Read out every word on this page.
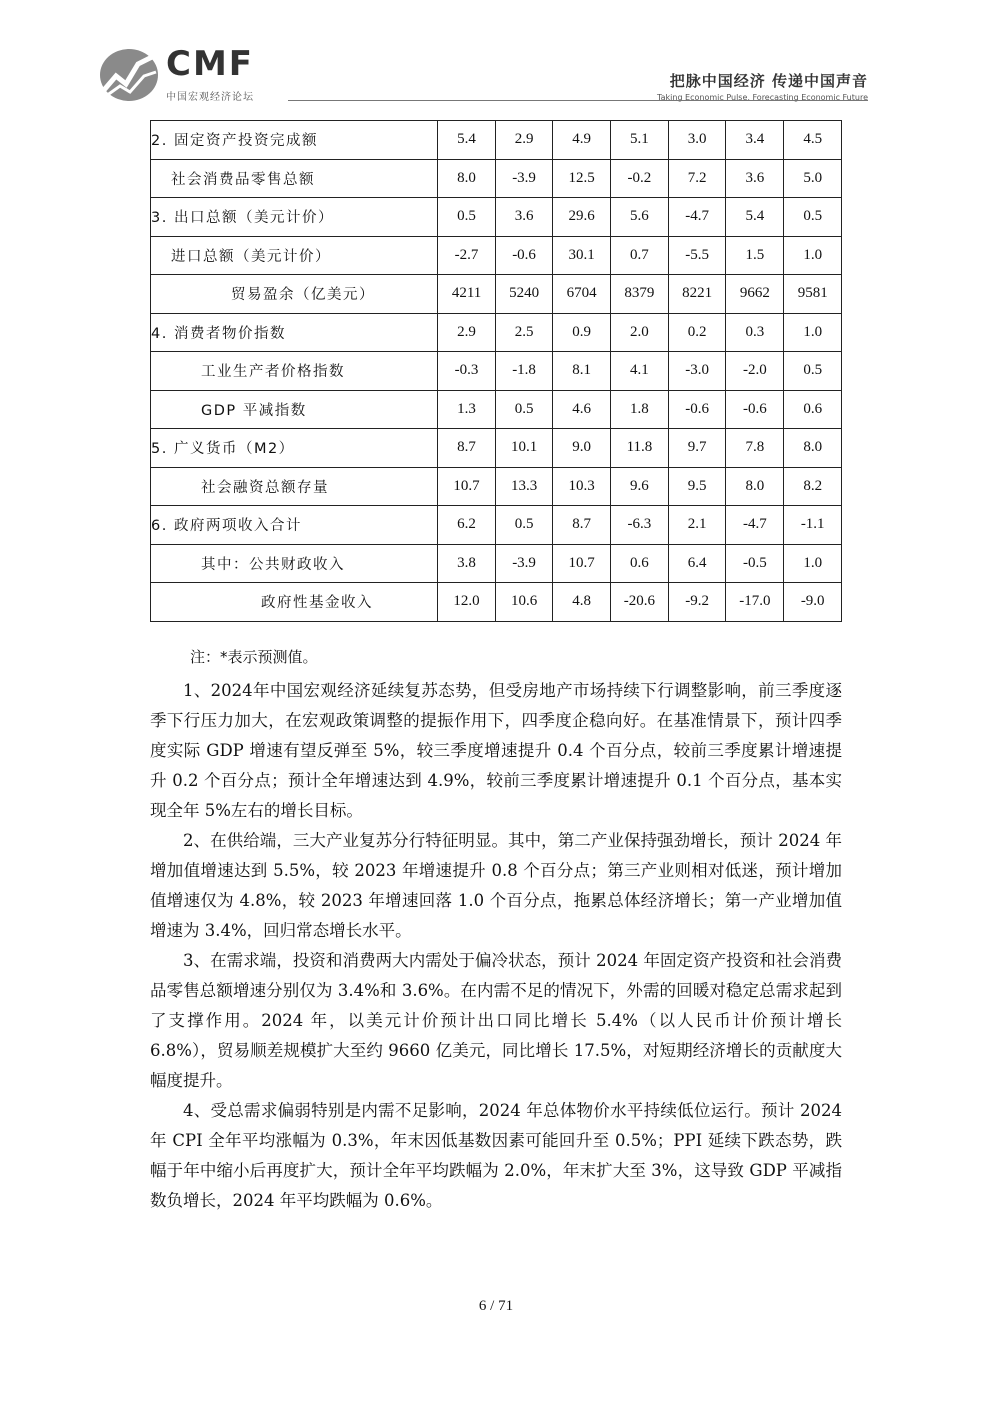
CMF
中国宏观经济论坛
把脉中国经济 传递中国声音
Taking Economic Pulse, Forecasting Economic Future
2. 固定资产投资完成额	5.4	2.9	4.9	5.1	3.0	3.4	4.5
社会消费品零售总额	8.0	-3.9	12.5	-0.2	7.2	3.6	5.0
3. 出口总额（美元计价）	0.5	3.6	29.6	5.6	-4.7	5.4	0.5
进口总额（美元计价）	-2.7	-0.6	30.1	0.7	-5.5	1.5	1.0
贸易盈余（亿美元）	4211	5240	6704	8379	8221	9662	9581
4. 消费者物价指数	2.9	2.5	0.9	2.0	0.2	0.3	1.0
工业生产者价格指数	-0.3	-1.8	8.1	4.1	-3.0	-2.0	0.5
GDP 平减指数	1.3	0.5	4.6	1.8	-0.6	-0.6	0.6
5. 广义货币（M2）	8.7	10.1	9.0	11.8	9.7	7.8	8.0
社会融资总额存量	10.7	13.3	10.3	9.6	9.5	8.0	8.2
6. 政府两项收入合计	6.2	0.5	8.7	-6.3	2.1	-4.7	-1.1
其中：公共财政收入	3.8	-3.9	10.7	0.6	6.4	-0.5	1.0
政府性基金收入	12.0	10.6	4.8	-20.6	-9.2	-17.0	-9.0
注：*表示预测值。

1、2024年中国宏观经济延续复苏态势，但受房地产市场持续下行调整影响，前三季度逐季下行压力加大，在宏观政策调整的提振作用下，四季度企稳向好。在基准情景下，预计四季度实际 GDP 增速有望反弹至 5%，较三季度增速提升 0.4 个百分点，较前三季度累计增速提升 0.2 个百分点；预计全年增速达到 4.9%，较前三季度累计增速提升 0.1 个百分点，基本实现全年 5%左右的增长目标。

2、在供给端，三大产业复苏分行特征明显。其中，第二产业保持强劲增长，预计 2024 年增加值增速达到 5.5%，较 2023 年增速提升 0.8 个百分点；第三产业则相对低迷，预计增加值增速仅为 4.8%，较 2023 年增速回落 1.0 个百分点，拖累总体经济增长；第一产业增加值增速为 3.4%，回归常态增长水平。

3、在需求端，投资和消费两大内需处于偏冷状态，预计 2024 年固定资产投资和社会消费品零售总额增速分别仅为 3.4%和 3.6%。在内需不足的情况下，外需的回暖对稳定总需求起到了支撑作用。2024 年，以美元计价预计出口同比增长 5.4%（以人民币计价预计增长 6.8%），贸易顺差规模扩大至约 9660 亿美元，同比增长 17.5%，对短期经济增长的贡献度大幅度提升。

4、受总需求偏弱特别是内需不足影响，2024 年总体物价水平持续低位运行。预计 2024 年 CPI 全年平均涨幅为 0.3%，年末因低基数因素可能回升至 0.5%；PPI 延续下跌态势，跌幅于年中缩小后再度扩大，预计全年平均跌幅为 2.0%，年末扩大至 3%，这导致 GDP 平减指数负增长，2024 年平均跌幅为 0.6%。

6 / 71
